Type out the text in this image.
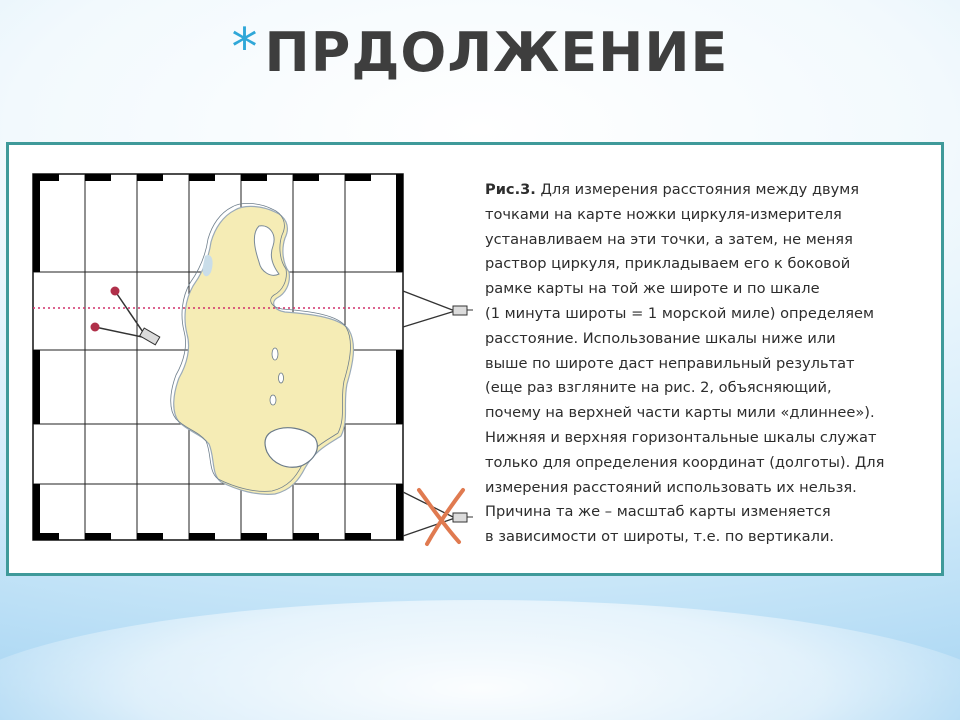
* ПРДОЛЖЕНИЕ

Рис.3. Для измерения расстояния между двумя
точками на карте ножки циркуля-измерителя
устанавливаем на эти точки, а затем, не меняя
раствор циркуля, прикладываем его к боковой
рамке карты на той же широте и по шкале
(1 минута широты = 1 морской миле) определяем
расстояние. Использование шкалы ниже или
выше по широте даст неправильный результат
(еще раз взгляните на рис. 2, объясняющий,
почему на верхней части карты мили «длиннее»).
Нижняя и верхняя горизонтальные шкалы служат
только для определения координат (долготы). Для
измерения расстояний использовать их нельзя.
Причина та же – масштаб карты изменяется
в зависимости от широты, т.е. по вертикали.
